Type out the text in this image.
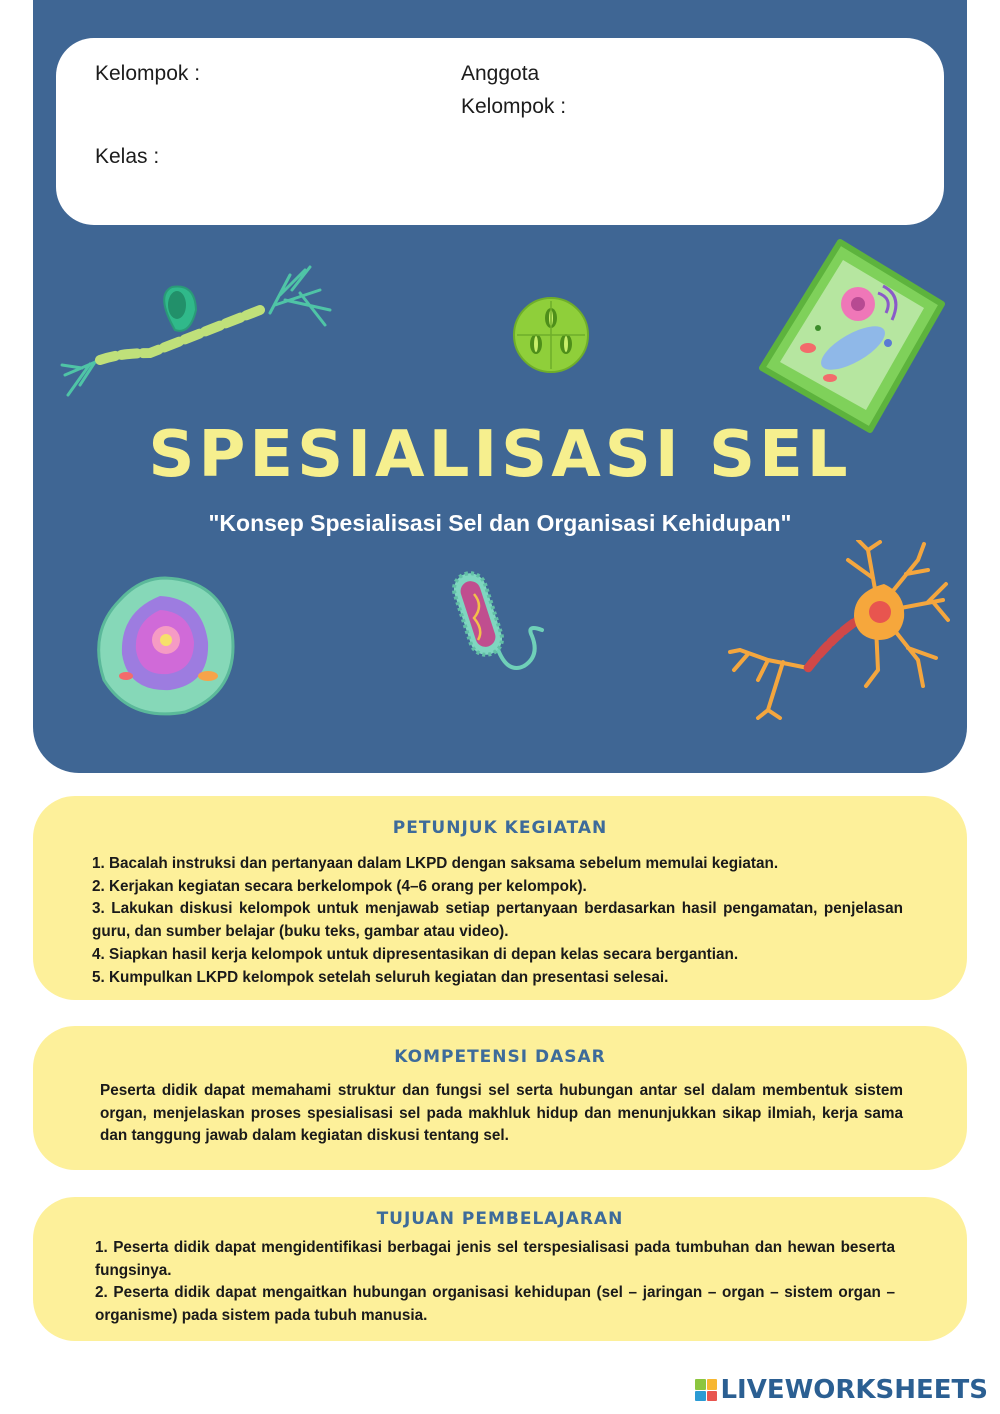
Kelompok :	Anggota
Kelompok :
Kelas :
SPESIALISASI SEL
"Konsep Spesialisasi Sel dan Organisasi Kehidupan"
PETUNJUK KEGIATAN

1. Bacalah instruksi dan pertanyaan dalam LKPD dengan saksama sebelum memulai kegiatan.

2. Kerjakan kegiatan secara berkelompok (4–6 orang per kelompok).

3. Lakukan diskusi kelompok untuk menjawab setiap pertanyaan berdasarkan hasil pengamatan, penjelasan guru, dan sumber belajar (buku teks, gambar atau video).

4. Siapkan hasil kerja kelompok untuk dipresentasikan di depan kelas secara bergantian.

5. Kumpulkan LKPD kelompok setelah seluruh kegiatan dan presentasi selesai.

KOMPETENSI DASAR

Peserta didik dapat memahami struktur dan fungsi sel serta hubungan antar sel dalam membentuk sistem organ, menjelaskan proses spesialisasi sel pada makhluk hidup dan menunjukkan sikap ilmiah, kerja sama dan tanggung jawab dalam kegiatan diskusi tentang sel.

TUJUAN PEMBELAJARAN

1. Peserta didik dapat mengidentifikasi berbagai jenis sel terspesialisasi pada tumbuhan dan hewan beserta fungsinya.

2. Peserta didik dapat mengaitkan hubungan organisasi kehidupan (sel – jaringan – organ – sistem organ – organisme) pada sistem pada tubuh manusia.

LIVEWORKSHEETS
